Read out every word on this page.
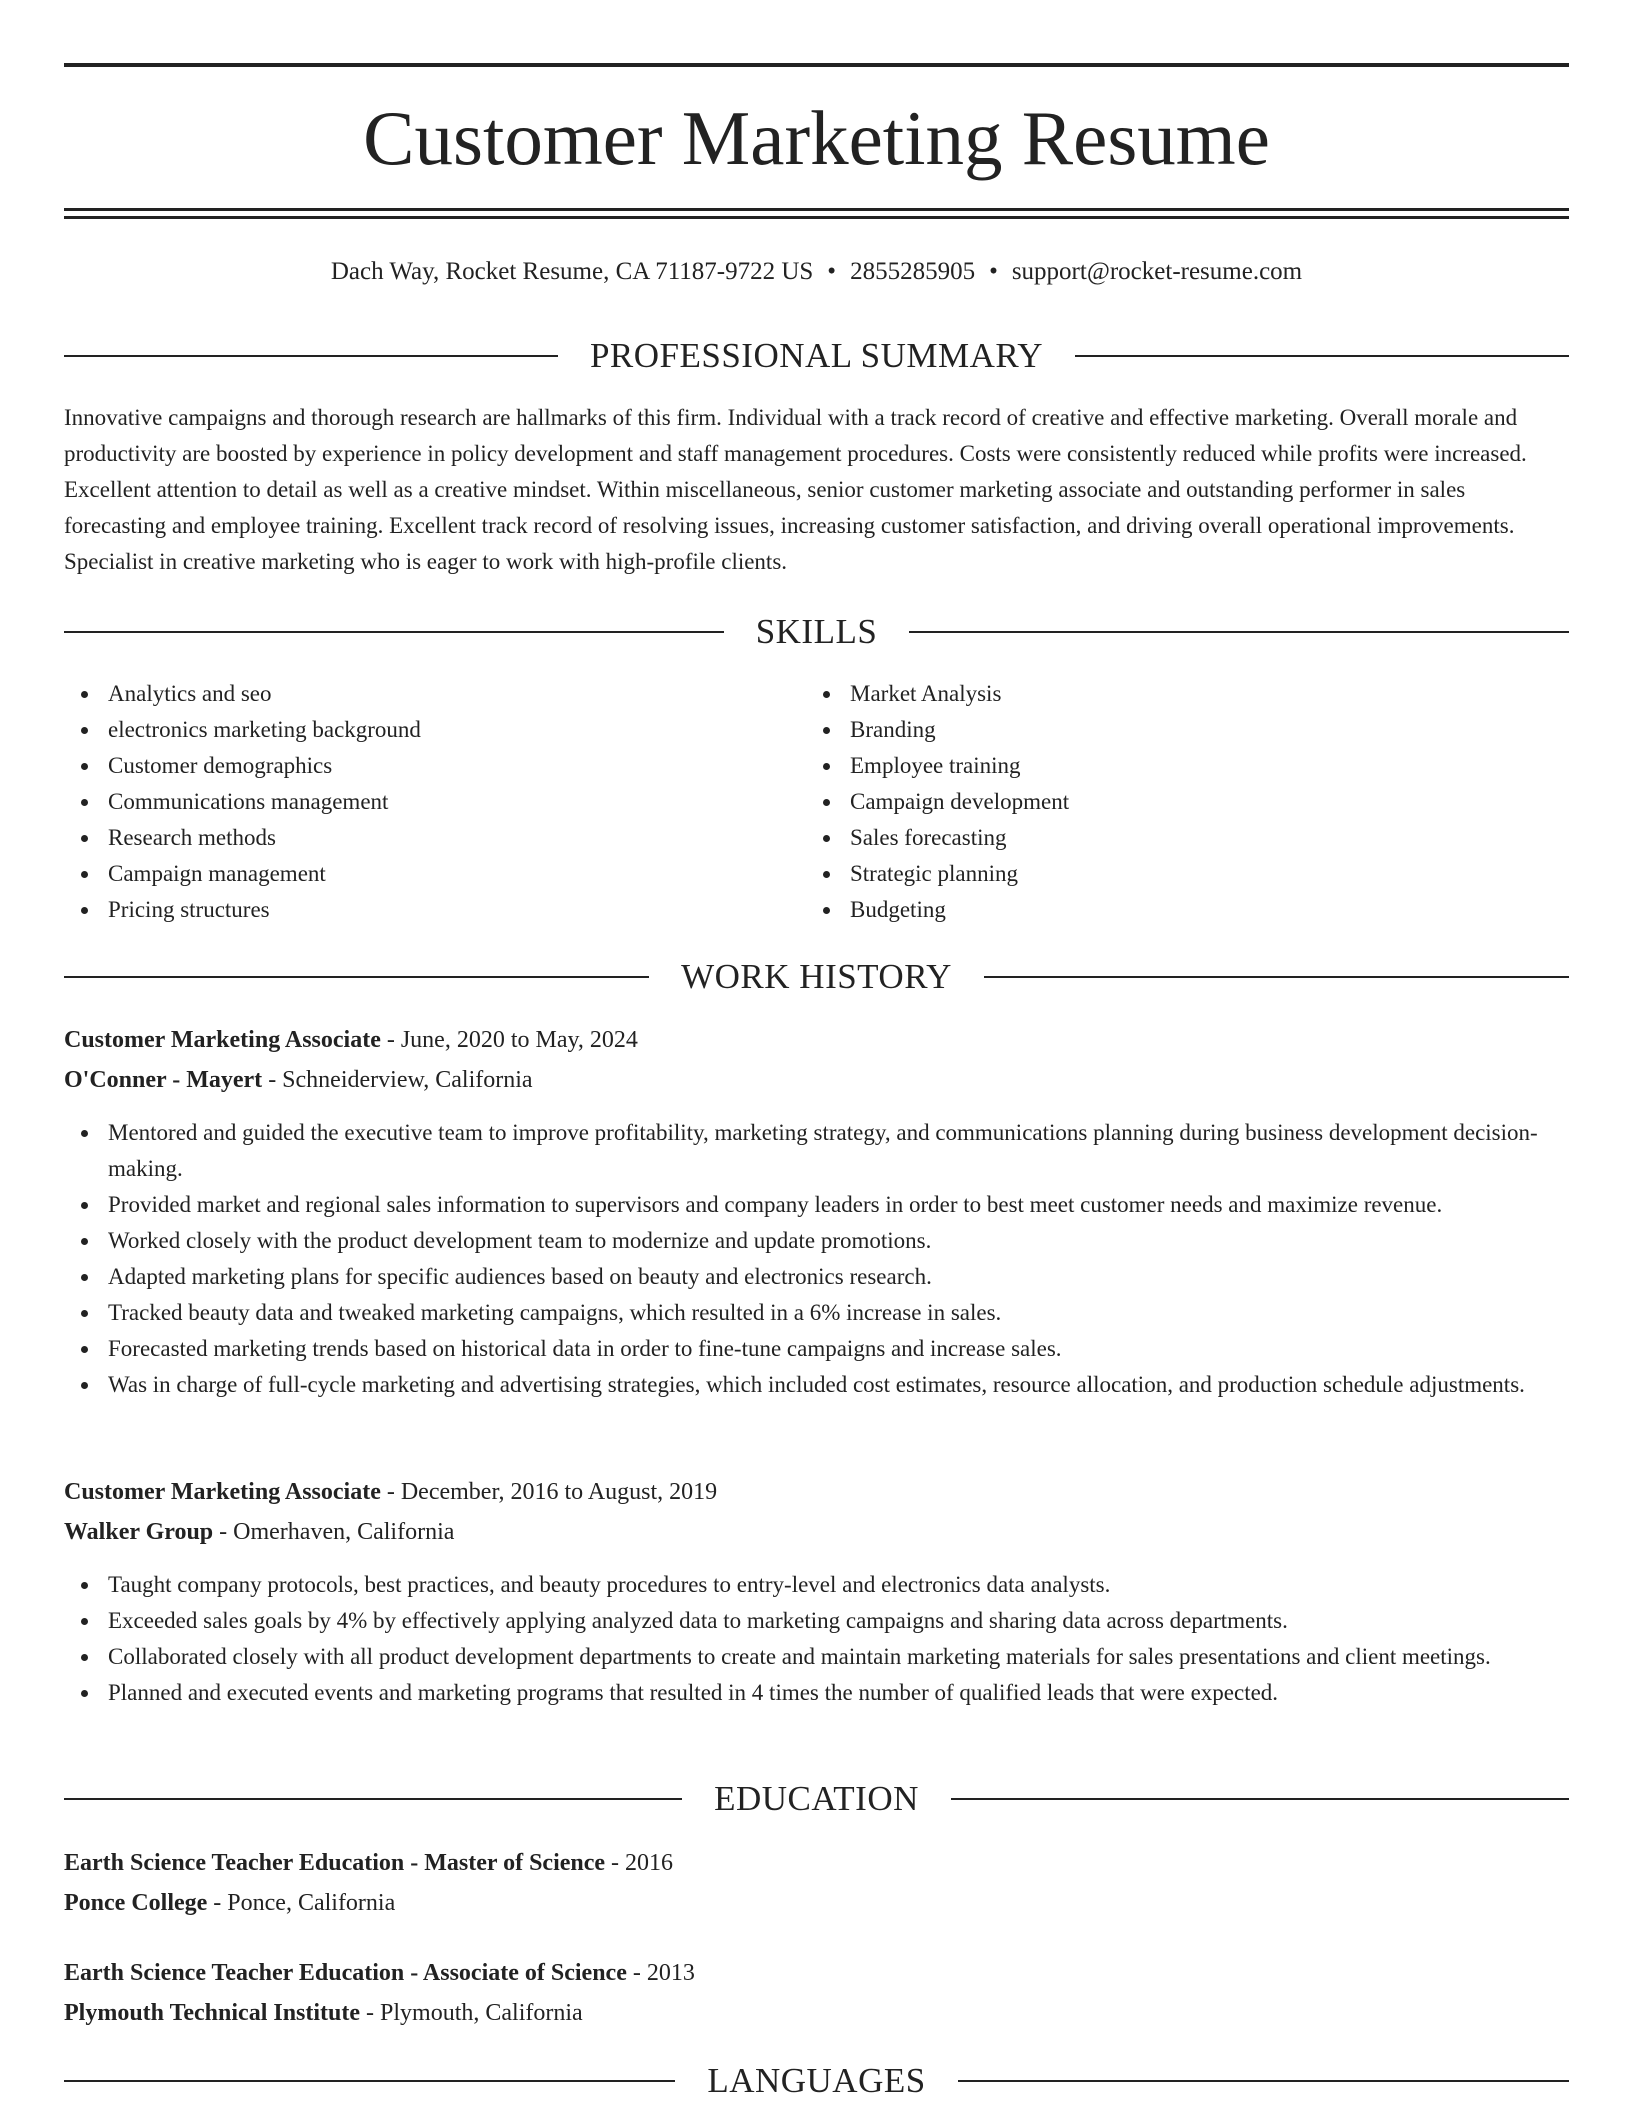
Customer Marketing Resume
Dach Way, Rocket Resume, CA 71187-9722 US • 2855285905 • support@rocket-resume.com
PROFESSIONAL SUMMARY

Innovative campaigns and thorough research are hallmarks of this firm. Individual with a track record of creative and effective marketing. Overall morale and productivity are boosted by experience in policy development and staff management procedures. Costs were consistently reduced while profits were increased. Excellent attention to detail as well as a creative mindset. Within miscellaneous, senior customer marketing associate and outstanding performer in sales forecasting and employee training. Excellent track record of resolving issues, increasing customer satisfaction, and driving overall operational improvements. Specialist in creative marketing who is eager to work with high-profile clients.

SKILLS
Analytics and seo
electronics marketing background
Customer demographics
Communications management
Research methods
Campaign management
Pricing structures
Market Analysis
Branding
Employee training
Campaign development
Sales forecasting
Strategic planning
Budgeting
WORK HISTORY
Customer Marketing Associate - June, 2020 to May, 2024
O'Conner - Mayert - Schneiderview, California
Mentored and guided the executive team to improve profitability, marketing strategy, and communications planning during business development decision-making.
Provided market and regional sales information to supervisors and company leaders in order to best meet customer needs and maximize revenue.
Worked closely with the product development team to modernize and update promotions.
Adapted marketing plans for specific audiences based on beauty and electronics research.
Tracked beauty data and tweaked marketing campaigns, which resulted in a 6% increase in sales.
Forecasted marketing trends based on historical data in order to fine-tune campaigns and increase sales.
Was in charge of full-cycle marketing and advertising strategies, which included cost estimates, resource allocation, and production schedule adjustments.
Customer Marketing Associate - December, 2016 to August, 2019
Walker Group - Omerhaven, California
Taught company protocols, best practices, and beauty procedures to entry-level and electronics data analysts.
Exceeded sales goals by 4% by effectively applying analyzed data to marketing campaigns and sharing data across departments.
Collaborated closely with all product development departments to create and maintain marketing materials for sales presentations and client meetings.
Planned and executed events and marketing programs that resulted in 4 times the number of qualified leads that were expected.
EDUCATION
Earth Science Teacher Education - Master of Science - 2016
Ponce College - Ponce, California
Earth Science Teacher Education - Associate of Science - 2013
Plymouth Technical Institute - Plymouth, California
LANGUAGES
